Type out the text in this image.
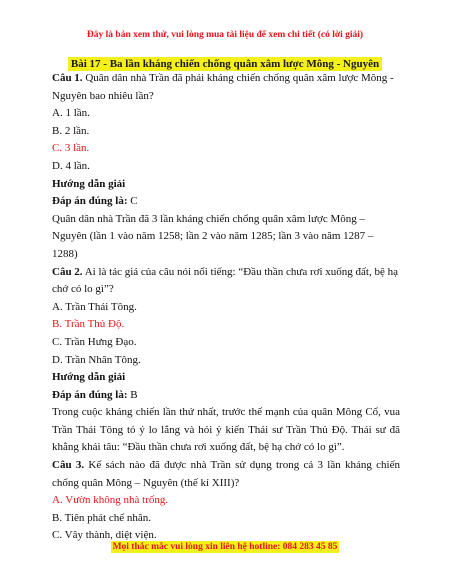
Đây là bản xem thử, vui lòng mua tài liệu để xem chi tiết (có lời giải)
Bài 17 - Ba lần kháng chiến chống quân xâm lược Mông - Nguyên

Câu 1. Quân dân nhà Trần đã phải kháng chiến chống quân xâm lược Mông - Nguyên bao nhiêu lần?

A. 1 lần.

B. 2 lần.

C. 3 lần.

D. 4 lần.

Hướng dẫn giải

Đáp án đúng là: C

Quân dân nhà Trần đã 3 lần kháng chiến chống quân xâm lược Mông – Nguyên (lần 1 vào năm 1258; lần 2 vào năm 1285; lần 3 vào năm 1287 – 1288)

Câu 2. Ai là tác giả của câu nói nổi tiếng: “Đầu thần chưa rơi xuống đất, bệ hạ chớ có lo gì”?

A. Trần Thái Tông.

B. Trần Thủ Độ.

C. Trần Hưng Đạo.

D. Trần Nhân Tông.

Hướng dẫn giải

Đáp án đúng là: B

Trong cuộc kháng chiến lần thứ nhất, trước thế mạnh của quân Mông Cổ, vua Trần Thái Tông tỏ ý lo lắng và hỏi ý kiến Thái sư Trần Thủ Độ. Thái sư đã khẳng khái tâu: “Đầu thần chưa rơi xuống đất, bệ hạ chớ có lo gì”.

Câu 3. Kế sách nào đã được nhà Trần sử dụng trong cả 3 lần kháng chiến chống quân Mông – Nguyên (thế kỉ XIII)?

A. Vườn không nhà trống.

B. Tiên phát chế nhân.

C. Vây thành, diệt viện.

Mọi thắc mắc vui lòng xin liên hệ hotline: 084 283 45 85
